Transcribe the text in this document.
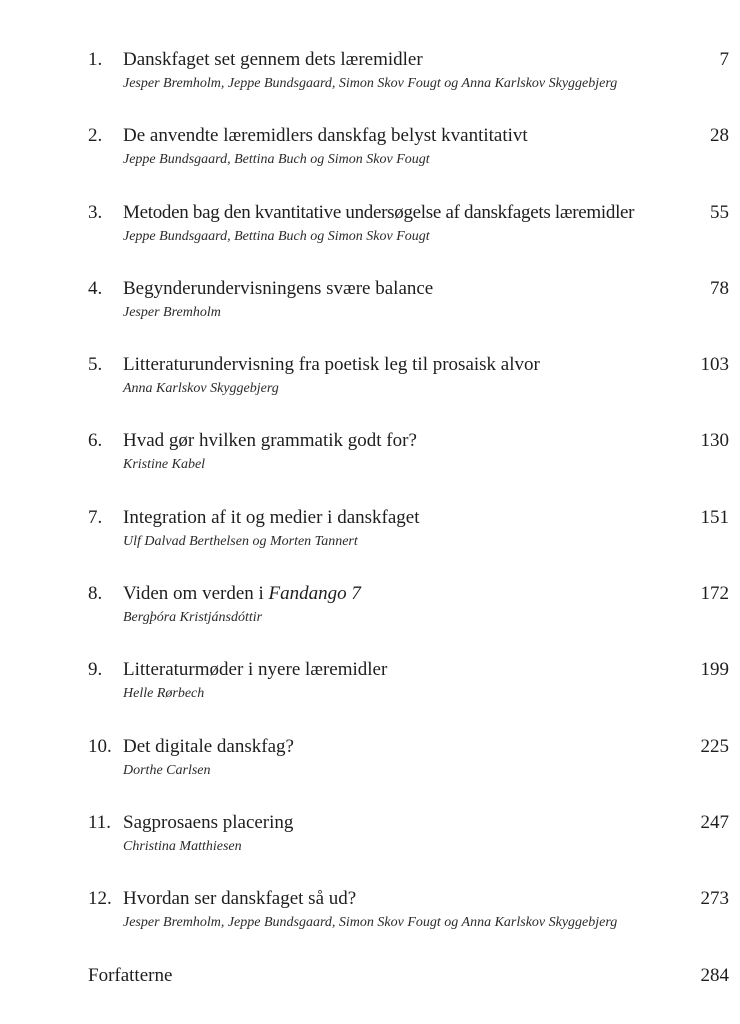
1. Danskfaget set gennem dets læremidler	7
Jesper Bremholm, Jeppe Bundsgaard, Simon Skov Fougt og Anna Karlskov Skyggebjerg
2. De anvendte læremidlers danskfag belyst kvantitativt	28
Jeppe Bundsgaard, Bettina Buch og Simon Skov Fougt
3. Metoden bag den kvantitative undersøgelse af danskfagets læremidler	55
Jeppe Bundsgaard, Bettina Buch og Simon Skov Fougt
4. Begynderundervisningens svære balance	78
Jesper Bremholm
5. Litteraturundervisning fra poetisk leg til prosaisk alvor	103
Anna Karlskov Skyggebjerg
6. Hvad gør hvilken grammatik godt for?	130
Kristine Kabel
7. Integration af it og medier i danskfaget	151
Ulf Dalvad Berthelsen og Morten Tannert
8. Viden om verden i Fandango 7	172
Bergþóra Kristjánsdóttir
9. Litteraturmøder i nyere læremidler	199
Helle Rørbech
10. Det digitale danskfag?	225
Dorthe Carlsen
11. Sagprosaens placering	247
Christina Matthiesen
12. Hvordan ser danskfaget så ud?	273
Jesper Bremholm, Jeppe Bundsgaard, Simon Skov Fougt og Anna Karlskov Skyggebjerg
Forfatterne	284
